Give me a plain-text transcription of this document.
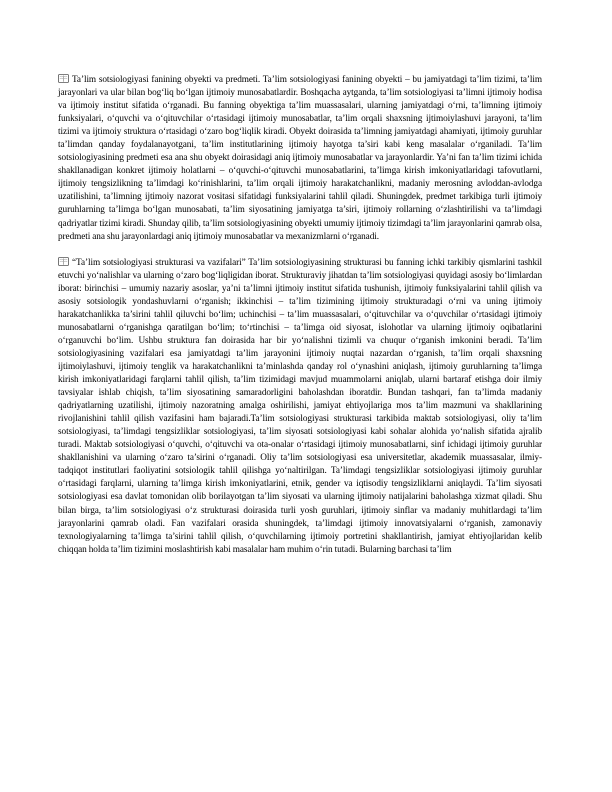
Ta’lim sotsiologiyasi fanining obyekti va predmeti. Ta’lim sotsiologiyasi fanining obyekti – bu jamiyatdagi ta’lim tizimi, ta’lim jarayonlari va ular bilan bog‘liq bo‘lgan ijtimoiy munosabatlardir. Boshqacha aytganda, ta’lim sotsiologiyasi ta’limni ijtimoiy hodisa va ijtimoiy institut sifatida o‘rganadi. Bu fanning obyektiga ta’lim muassasalari, ularning jamiyatdagi o‘rni, ta’limning ijtimoiy funksiyalari, o‘quvchi va o‘qituvchilar o‘rtasidagi ijtimoiy munosabatlar, ta’lim orqali shaxsning ijtimoiylashuvi jarayoni, ta’lim tizimi va ijtimoiy struktura o‘rtasidagi o‘zaro bog‘liqlik kiradi. Obyekt doirasida ta’limning jamiyatdagi ahamiyati, ijtimoiy guruhlar ta’limdan qanday foydalanayotgani, ta’lim institutlarining ijtimoiy hayotga ta’siri kabi keng masalalar o‘rganiladi. Ta’lim sotsiologiyasining predmeti esa ana shu obyekt doirasidagi aniq ijtimoiy munosabatlar va jarayonlardir. Ya’ni fan ta’lim tizimi ichida shakllanadigan konkret ijtimoiy holatlarni – o‘quvchi-o‘qituvchi munosabatlarini, ta’limga kirish imkoniyatlaridagi tafovutlarni, ijtimoiy tengsizlikning ta’limdagi ko‘rinishlarini, ta’lim orqali ijtimoiy harakatchanlikni, madaniy merosning avloddan-avlodga uzatilishini, ta’limning ijtimoiy nazorat vositasi sifatidagi funksiyalarini tahlil qiladi. Shuningdek, predmet tarkibiga turli ijtimoiy guruhlarning ta’limga bo‘lgan munosabati, ta’lim siyosatining jamiyatga ta’siri, ijtimoiy rollarning o‘zlashtirilishi va ta’limdagi qadriyatlar tizimi kiradi. Shunday qilib, ta’lim sotsiologiyasining obyekti umumiy ijtimoiy tizimdagi ta’lim jarayonlarini qamrab olsa, predmeti ana shu jarayonlardagi aniq ijtimoiy munosabatlar va mexanizmlarni o‘rganadi.

“Ta’lim sotsiologiyasi strukturasi va vazifalari” Ta’lim sotsiologiyasining strukturasi bu fanning ichki tarkibiy qismlarini tashkil etuvchi yo‘nalishlar va ularning o‘zaro bog‘liqligidan iborat. Strukturaviy jihatdan ta’lim sotsiologiyasi quyidagi asosiy bo‘limlardan iborat: birinchisi – umumiy nazariy asoslar, ya’ni ta’limni ijtimoiy institut sifatida tushunish, ijtimoiy funksiyalarini tahlil qilish va asosiy sotsiologik yondashuvlarni o‘rganish; ikkinchisi – ta’lim tizimining ijtimoiy strukturadagi o‘rni va uning ijtimoiy harakatchanlikka ta’sirini tahlil qiluvchi bo‘lim; uchinchisi – ta’lim muassasalari, o‘qituvchilar va o‘quvchilar o‘rtasidagi ijtimoiy munosabatlarni o‘rganishga qaratilgan bo‘lim; to‘rtinchisi – ta’limga oid siyosat, islohotlar va ularning ijtimoiy oqibatlarini o‘rganuvchi bo‘lim. Ushbu struktura fan doirasida har bir yo‘nalishni tizimli va chuqur o‘rganish imkonini beradi. Ta’lim sotsiologiyasining vazifalari esa jamiyatdagi ta’lim jarayonini ijtimoiy nuqtai nazardan o‘rganish, ta’lim orqali shaxsning ijtimoiylashuvi, ijtimoiy tenglik va harakatchanlikni ta’minlashda qanday rol o‘ynashini aniqlash, ijtimoiy guruhlarning ta’limga kirish imkoniyatlaridagi farqlarni tahlil qilish, ta’lim tizimidagi mavjud muammolarni aniqlab, ularni bartaraf etishga doir ilmiy tavsiyalar ishlab chiqish, ta’lim siyosatining samaradorligini baholashdan iboratdir. Bundan tashqari, fan ta’limda madaniy qadriyatlarning uzatilishi, ijtimoiy nazoratning amalga oshirilishi, jamiyat ehtiyojlariga mos ta’lim mazmuni va shakllarining rivojlanishini tahlil qilish vazifasini ham bajaradi.Ta’lim sotsiologiyasi strukturasi tarkibida maktab sotsiologiyasi, oliy ta’lim sotsiologiyasi, ta’limdagi tengsizliklar sotsiologiyasi, ta’lim siyosati sotsiologiyasi kabi sohalar alohida yo‘nalish sifatida ajralib turadi. Maktab sotsiologiyasi o‘quvchi, o‘qituvchi va ota-onalar o‘rtasidagi ijtimoiy munosabatlarni, sinf ichidagi ijtimoiy guruhlar shakllanishini va ularning o‘zaro ta’sirini o‘rganadi. Oliy ta’lim sotsiologiyasi esa universitetlar, akademik muassasalar, ilmiy-tadqiqot institutlari faoliyatini sotsiologik tahlil qilishga yo‘naltirilgan. Ta’limdagi tengsizliklar sotsiologiyasi ijtimoiy guruhlar o‘rtasidagi farqlarni, ularning ta’limga kirish imkoniyatlarini, etnik, gender va iqtisodiy tengsizliklarni aniqlaydi. Ta’lim siyosati sotsiologiyasi esa davlat tomonidan olib borilayotgan ta’lim siyosati va ularning ijtimoiy natijalarini baholashga xizmat qiladi. Shu bilan birga, ta’lim sotsiologiyasi o‘z strukturasi doirasida turli yosh guruhlari, ijtimoiy sinflar va madaniy muhitlardagi ta’lim jarayonlarini qamrab oladi. Fan vazifalari orasida shuningdek, ta’limdagi ijtimoiy innovatsiyalarni o‘rganish, zamonaviy texnologiyalarning ta’limga ta’sirini tahlil qilish, o‘quvchilarning ijtimoiy portretini shakllantirish, jamiyat ehtiyojlaridan kelib chiqqan holda ta’lim tizimini moslashtirish kabi masalalar ham muhim o‘rin tutadi. Bularning barchasi ta’lim
